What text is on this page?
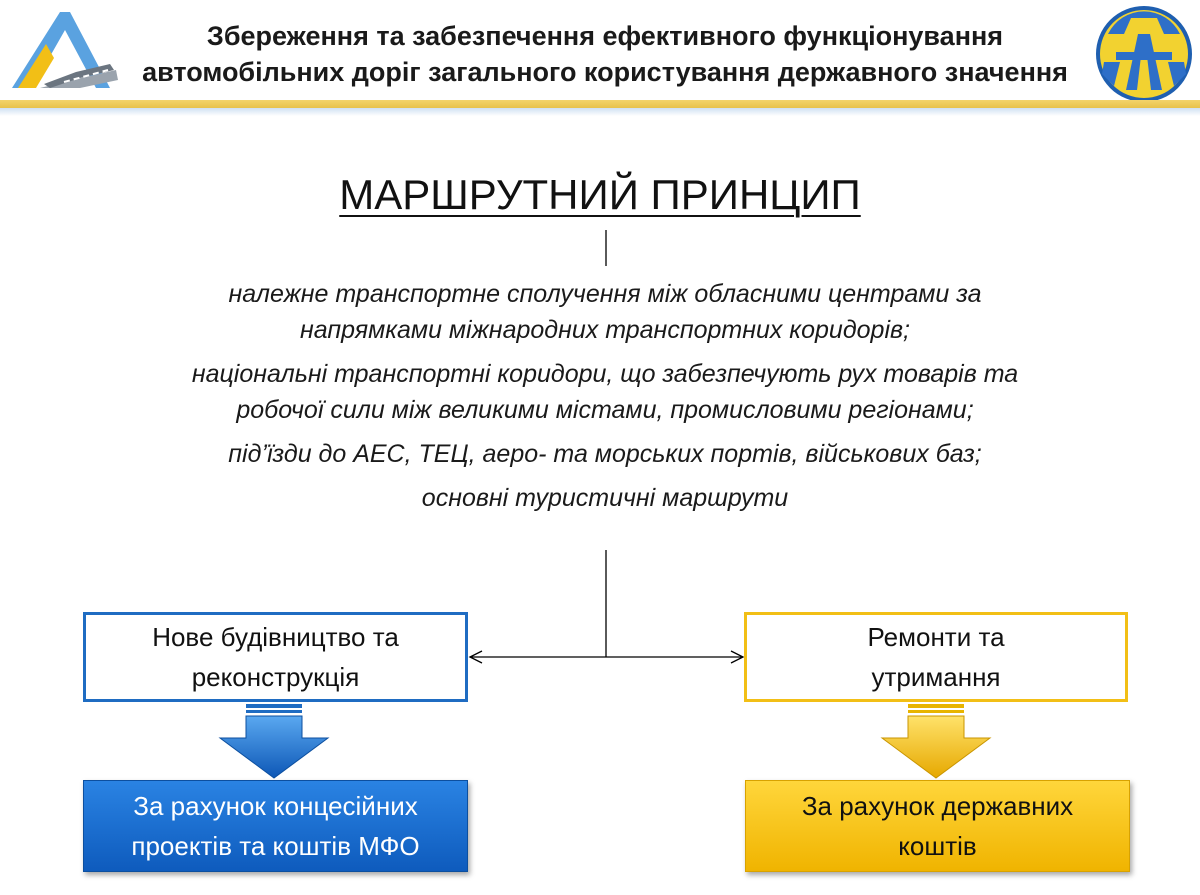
Збереження та забезпечення ефективного функціонування
автомобільних доріг загального користування державного значення
МАРШРУТНИЙ ПРИНЦИП

належне транспортне сполучення між обласними центрами за
напрямками міжнародних транспортних коридорів;

національні транспортні коридори, що забезпечують рух товарів та
робочої сили між великими містами, промисловими регіонами;

під’їзди до АЕС, ТЕЦ, аеро- та морських портів, військових баз;

основні туристичні маршрути

Нове будівництво та
реконструкція
Ремонти та
утримання
За рахунок концесійних
проектів та коштів МФО
За рахунок державних
коштів
